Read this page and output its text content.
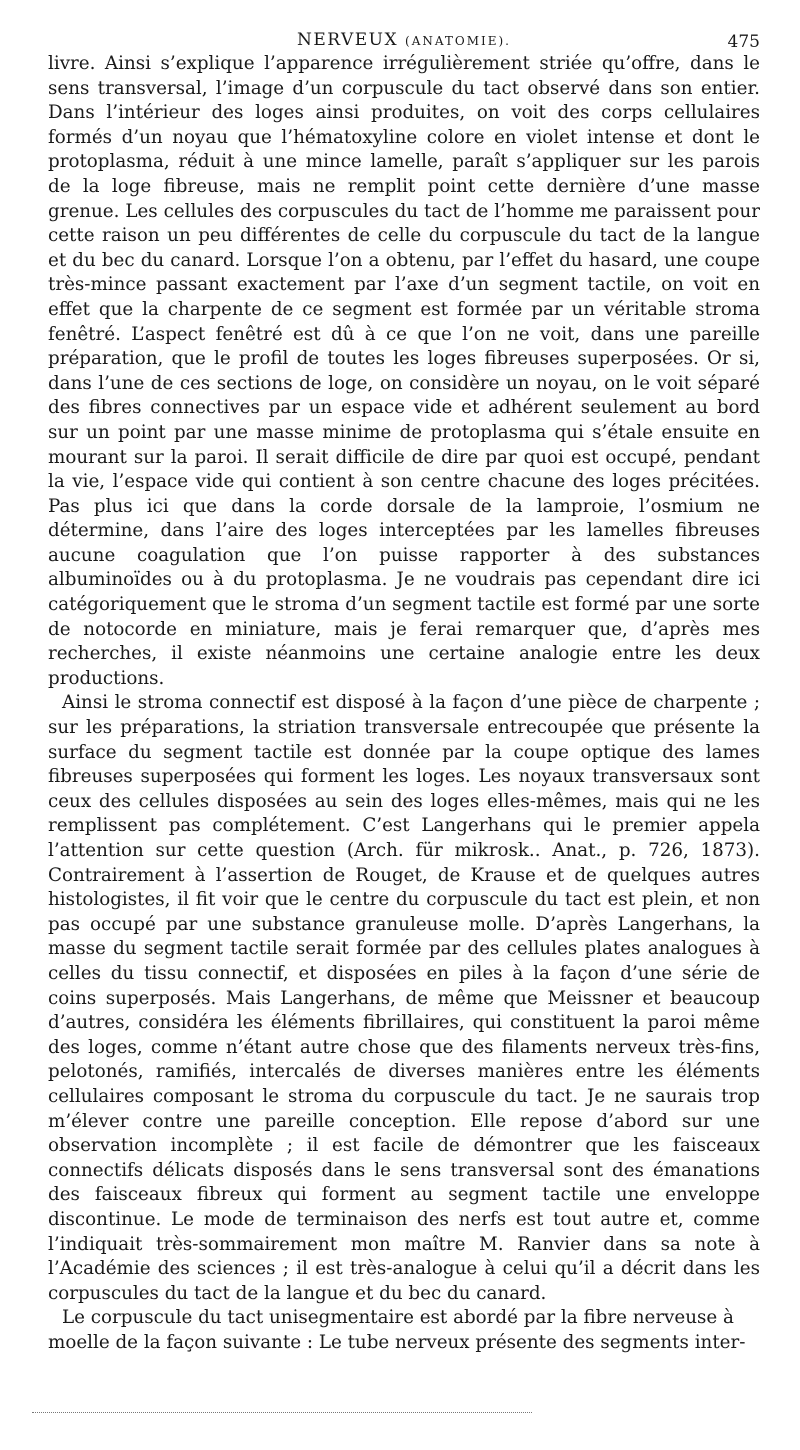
NERVEUX (ANATOMIE).	475

livre. Ainsi s’explique l’apparence irrégulièrement striée qu’offre, dans le sens transversal, l’image d’un corpuscule du tact observé dans son entier. Dans l’intérieur des loges ainsi produites, on voit des corps cellulaires formés d’un noyau que l’hématoxyline colore en violet intense et dont le protoplasma, réduit à une mince lamelle, paraît s’appliquer sur les parois de la loge fibreuse, mais ne remplit point cette dernière d’une masse grenue. Les cellules des corpuscules du tact de l’homme me paraissent pour cette raison un peu différentes de celle du corpuscule du tact de la langue et du bec du canard. Lorsque l’on a obtenu, par l’effet du hasard, une coupe très-mince passant exactement par l’axe d’un segment tactile, on voit en effet que la charpente de ce segment est formée par un véritable stroma fenêtré. L’aspect fenêtré est dû à ce que l’on ne voit, dans une pareille préparation, que le profil de toutes les loges fibreuses superposées. Or si, dans l’une de ces sections de loge, on considère un noyau, on le voit séparé des fibres connectives par un espace vide et adhérent seulement au bord sur un point par une masse minime de protoplasma qui s’étale ensuite en mourant sur la paroi. Il serait difficile de dire par quoi est occupé, pendant la vie, l’espace vide qui contient à son centre chacune des loges précitées. Pas plus ici que dans la corde dorsale de la lamproie, l’osmium ne détermine, dans l’aire des loges interceptées par les lamelles fibreuses aucune coagulation que l’on puisse rapporter à des substances albuminoïdes ou à du protoplasma. Je ne voudrais pas cependant dire ici catégoriquement que le stroma d’un segment tactile est formé par une sorte de notocorde en miniature, mais je ferai remarquer que, d’après mes recherches, il existe néanmoins une certaine analogie entre les deux productions.

Ainsi le stroma connectif est disposé à la façon d’une pièce de charpente ; sur les préparations, la striation transversale entrecoupée que présente la surface du segment tactile est donnée par la coupe optique des lames fibreuses superposées qui forment les loges. Les noyaux transversaux sont ceux des cellules disposées au sein des loges elles-mêmes, mais qui ne les remplissent pas complétement. C’est Langerhans qui le premier appela l’attention sur cette question (Arch. für mikrosk.. Anat., p. 726, 1873). Contrairement à l’assertion de Rouget, de Krause et de quelques autres histologistes, il fit voir que le centre du corpuscule du tact est plein, et non pas occupé par une substance granuleuse molle. D’après Langerhans, la masse du segment tactile serait formée par des cellules plates analogues à celles du tissu connectif, et disposées en piles à la façon d’une série de coins superposés. Mais Langerhans, de même que Meissner et beaucoup d’autres, considéra les éléments fibrillaires, qui constituent la paroi même des loges, comme n’étant autre chose que des filaments nerveux très-fins, pelotonés, ramifiés, intercalés de diverses manières entre les éléments cellulaires composant le stroma du corpuscule du tact. Je ne saurais trop m’élever contre une pareille conception. Elle repose d’abord sur une observation incomplète ; il est facile de démontrer que les faisceaux connectifs délicats disposés dans le sens transversal sont des émanations des faisceaux fibreux qui forment au segment tactile une enveloppe discontinue. Le mode de terminaison des nerfs est tout autre et, comme l’indiquait très-sommairement mon maître M. Ranvier dans sa note à l’Académie des sciences ; il est très-analogue à celui qu’il a décrit dans les corpuscules du tact de la langue et du bec du canard.

Le corpuscule du tact unisegmentaire est abordé par la fibre nerveuse à moelle de la façon suivante : Le tube nerveux présente des segments inter-
